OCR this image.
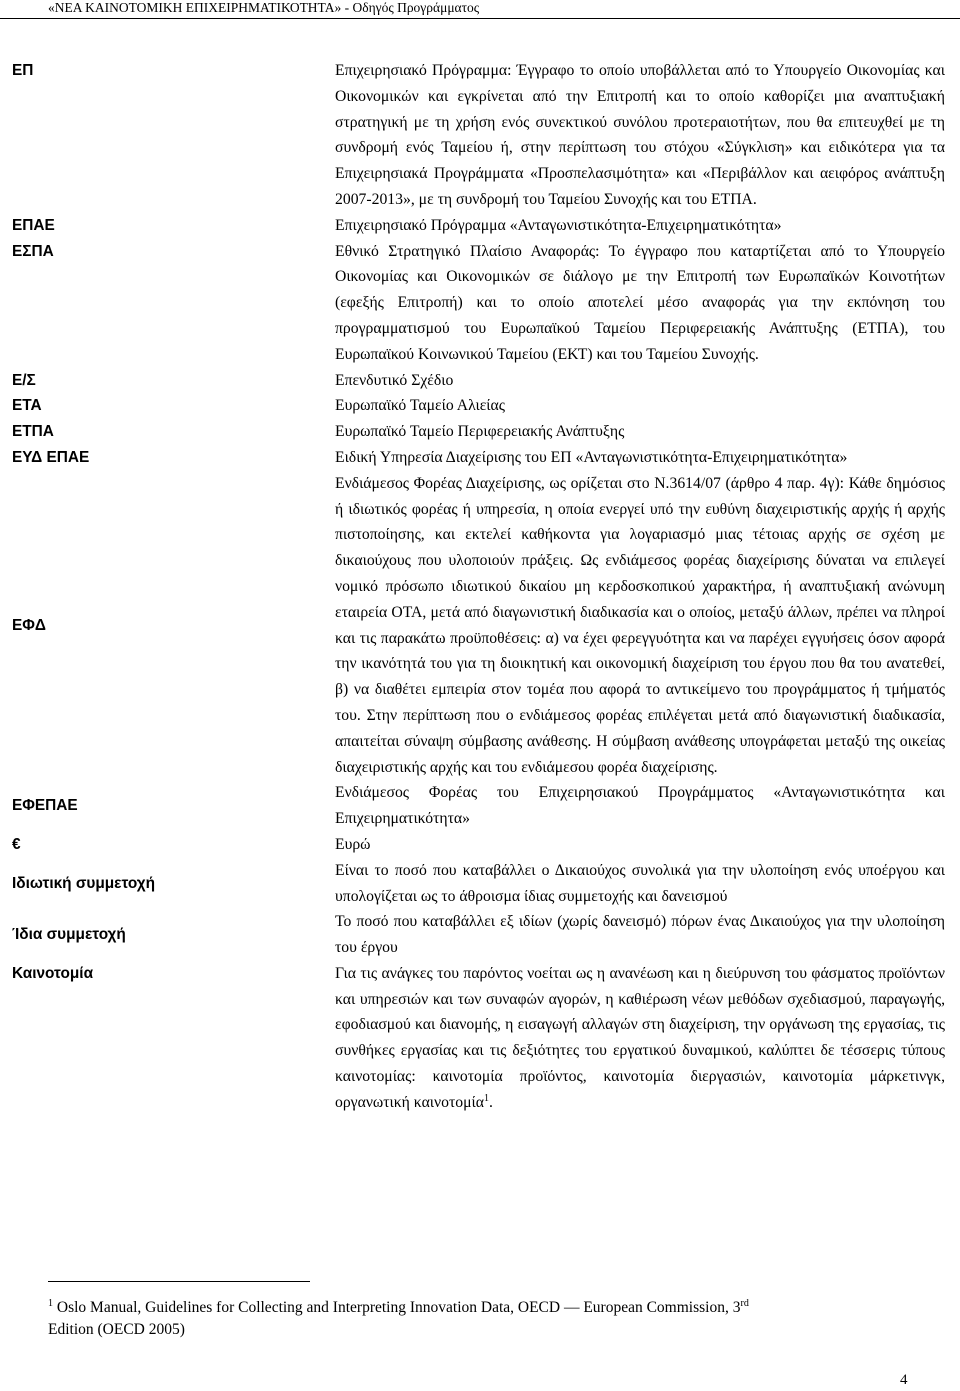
«ΝΕΑ ΚΑΙΝΟΤΟΜΙΚΗ ΕΠΙΧΕΙΡΗΜΑΤΙΚΟΤΗΤΑ» - Οδηγός Προγράμματος
ΕΠ	Επιχειρησιακό Πρόγραμμα: Έγγραφο το οποίο υποβάλλεται από το Υπουργείο Οικονομίας και Οικονομικών και εγκρίνεται από την Επιτροπή και το οποίο καθορίζει μια αναπτυξιακή στρατηγική με τη χρήση ενός συνεκτικού συνόλου προτεραιοτήτων, που θα επιτευχθεί με τη συνδρομή ενός Ταμείου ή, στην περίπτωση του στόχου «Σύγκλιση» και ειδικότερα για τα Επιχειρησιακά Προγράμματα «Προσπελασιμότητα» και «Περιβάλλον και αειφόρος ανάπτυξη 2007-2013», με τη συνδρομή του Ταμείου Συνοχής και του ΕΤΠΑ.

ΕΠΑΕ	Επιχειρησιακό Πρόγραμμα «Ανταγωνιστικότητα-Επιχειρηματικότητα»

ΕΣΠΑ	Εθνικό Στρατηγικό Πλαίσιο Αναφοράς: Το έγγραφο που καταρτίζεται από το Υπουργείο Οικονομίας και Οικονομικών σε διάλογο με την Επιτροπή των Ευρωπαϊκών Κοινοτήτων (εφεξής Επιτροπή) και το οποίο αποτελεί μέσο αναφοράς για την εκπόνηση του προγραμματισμού του Ευρωπαϊκού Ταμείου Περιφερειακής Ανάπτυξης (ΕΤΠΑ), του Ευρωπαϊκού Κοινωνικού Ταμείου (ΕΚΤ) και του Ταμείου Συνοχής.

Ε/Σ	Επενδυτικό Σχέδιο

ΕΤΑ	Ευρωπαϊκό Ταμείο Αλιείας

ΕΤΠΑ	Ευρωπαϊκό Ταμείο Περιφερειακής Ανάπτυξης

ΕΥΔ ΕΠΑΕ	Ειδική Υπηρεσία Διαχείρισης του ΕΠ «Ανταγωνιστικότητα-Επιχειρηματικότητα»

ΕΦΔ	Ενδιάμεσος Φορέας Διαχείρισης, ως ορίζεται στο Ν.3614/07 (άρθρο 4 παρ. 4γ): Κάθε δημόσιος ή ιδιωτικός φορέας ή υπηρεσία, η οποία ενεργεί υπό την ευθύνη διαχειριστικής αρχής ή αρχής πιστοποίησης, και εκτελεί καθήκοντα για λογαριασμό μιας τέτοιας αρχής σε σχέση με δικαιούχους που υλοποιούν πράξεις. Ως ενδιάμεσος φορέας διαχείρισης δύναται να επιλεγεί νομικό πρόσωπο ιδιωτικού δικαίου μη κερδοσκοπικού χαρακτήρα, ή αναπτυξιακή ανώνυμη εταιρεία ΟΤΑ, μετά από διαγωνιστική διαδικασία και ο οποίος, μεταξύ άλλων, πρέπει να πληροί και τις παρακάτω προϋποθέσεις: α) να έχει φερεγγυότητα και να παρέχει εγγυήσεις όσον αφορά την ικανότητά του για τη διοικητική και οικονομική διαχείριση του έργου που θα του ανατεθεί, β) να διαθέτει εμπειρία στον τομέα που αφορά το αντικείμενο του προγράμματος ή τμήματός του. Στην περίπτωση που ο ενδιάμεσος φορέας επιλέγεται μετά από διαγωνιστική διαδικασία, απαιτείται σύναψη σύμβασης ανάθεσης. Η σύμβαση ανάθεσης υπογράφεται μεταξύ της οικείας διαχειριστικής αρχής και του ενδιάμεσου φορέα διαχείρισης.

ΕΦΕΠΑΕ	Ενδιάμεσος Φορέας του Επιχειρησιακού Προγράμματος «Ανταγωνιστικότητα και Επιχειρηματικότητα»

€	Ευρώ

Ιδιωτική συμμετοχή	Είναι το ποσό που καταβάλλει ο Δικαιούχος συνολικά για την υλοποίηση ενός υποέργου και υπολογίζεται ως το άθροισμα ίδιας συμμετοχής και δανεισμού

Ίδια συμμετοχή	Το ποσό που καταβάλλει εξ ιδίων (χωρίς δανεισμό) πόρων ένας Δικαιούχος για την υλοποίηση του έργου

Καινοτομία	Για τις ανάγκες του παρόντος νοείται ως η ανανέωση και η διεύρυνση του φάσματος προϊόντων και υπηρεσιών και των συναφών αγορών, η καθιέρωση νέων μεθόδων σχεδιασμού, παραγωγής, εφοδιασμού και διανομής, η εισαγωγή αλλαγών στη διαχείριση, την οργάνωση της εργασίας, τις συνθήκες εργασίας και τις δεξιότητες του εργατικού δυναμικού, καλύπτει δε τέσσερις τύπους καινοτομίας: καινοτομία προϊόντος, καινοτομία διεργασιών, καινοτομία μάρκετινγκ, οργανωτική καινοτομία$^1$.
$^1$ Oslo Manual, Guidelines for Collecting and Interpreting Innovation Data, OECD — European Commission, 3rd
Edition (OECD 2005)
4
